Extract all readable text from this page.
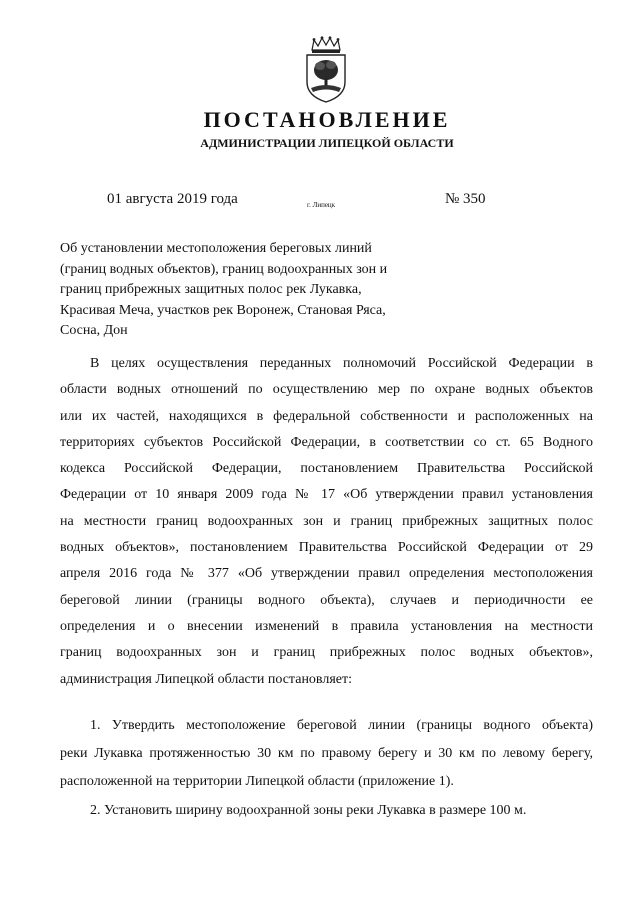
ПОСТАНОВЛЕНИЕ
АДМИНИСТРАЦИИ ЛИПЕЦКОЙ ОБЛАСТИ
01 августа 2019 года	г. Липецк	№ 350
Об установлении местоположения береговых линий
(границ водных объектов), границ водоохранных зон и
границ прибрежных защитных полос рек Лукавка,
Красивая Меча, участков рек Воронеж, Становая Ряса,
Сосна, Дон
В целях осуществления переданных полномочий Российской Федерации в
области водных отношений по осуществлению мер по охране водных объектов
или их частей, находящихся в федеральной собственности и расположенных на
территориях субъектов Российской Федерации, в соответствии со ст. 65 Водного
кодекса Российской Федерации, постановлением Правительства Российской
Федерации от 10 января 2009 года № 17 «Об утверждении правил установления
на местности границ водоохранных зон и границ прибрежных защитных полос
водных объектов», постановлением Правительства Российской Федерации от 29
апреля 2016 года № 377 «Об утверждении правил определения местоположения
береговой линии (границы водного объекта), случаев и периодичности ее
определения и о внесении изменений в правила установления на местности
границ водоохранных зон и границ прибрежных полос водных объектов»,
администрация Липецкой области постановляет:
1. Утвердить местоположение береговой линии (границы водного объекта)
реки Лукавка протяженностью 30 км по правому берегу и 30 км по левому берегу,
расположенной на территории Липецкой области (приложение 1).
2. Установить ширину водоохранной зоны реки Лукавка в размере 100 м.
